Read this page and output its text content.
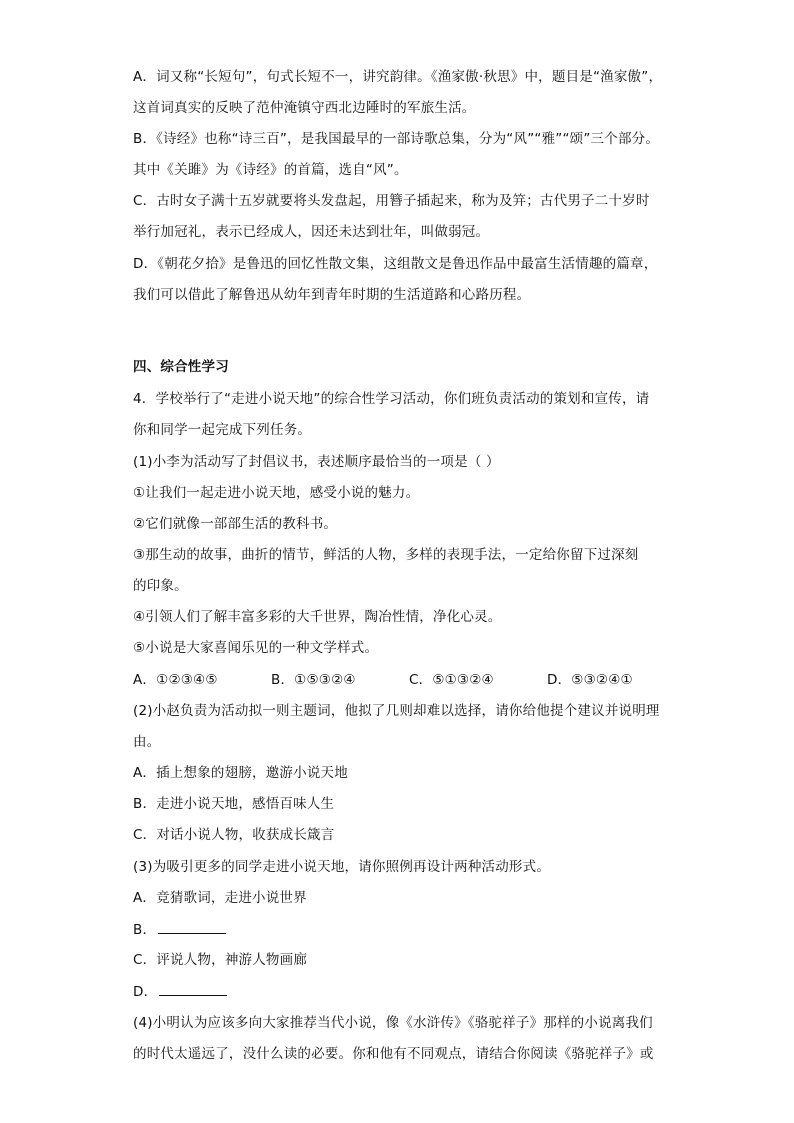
A．词又称“长短句”，句式长短不一，讲究韵律。《渔家傲·秋思》中，题目是“渔家傲”，
这首词真实的反映了范仲淹镇守西北边陲时的军旅生活。
B．《诗经》也称“诗三百”，是我国最早的一部诗歌总集，分为“风”“雅”“颂”三个部分。
其中《关雎》为《诗经》的首篇，选自“风”。
C．古时女子满十五岁就要将头发盘起，用簪子插起来，称为及笄；古代男子二十岁时
举行加冠礼，表示已经成人，因还未达到壮年，叫做弱冠。
D．《朝花夕拾》是鲁迅的回忆性散文集，这组散文是鲁迅作品中最富生活情趣的篇章，
我们可以借此了解鲁迅从幼年到青年时期的生活道路和心路历程。
四、综合性学习
4．学校举行了“走进小说天地”的综合性学习活动，你们班负责活动的策划和宣传，请
你和同学一起完成下列任务。
(1)小李为活动写了封倡议书，表述顺序最恰当的一项是（ ）
①让我们一起走进小说天地，感受小说的魅力。
②它们就像一部部生活的教科书。
③那生动的故事，曲折的情节，鲜活的人物，多样的表现手法，一定给你留下过深刻
的印象。
④引领人们了解丰富多彩的大千世界，陶冶性情，净化心灵。
⑤小说是大家喜闻乐见的一种文学样式。
A．①②③④⑤	B．①⑤③②④	C．⑤①③②④	D．⑤③②④①
(2)小赵负责为活动拟一则主题词，他拟了几则却难以选择，请你给他提个建议并说明理
由。
A．插上想象的翅膀，邀游小说天地
B．走进小说天地，感悟百味人生
C．对话小说人物，收获成长箴言
(3)为吸引更多的同学走进小说天地，请你照例再设计两种活动形式。
A．竞猜歌词，走进小说世界
B．
C．评说人物，神游人物画廊
D．
(4)小明认为应该多向大家推荐当代小说，像《水浒传》《骆驼祥子》那样的小说离我们
的时代太遥远了，没什么读的必要。你和他有不同观点，请结合你阅读《骆驼祥子》或
